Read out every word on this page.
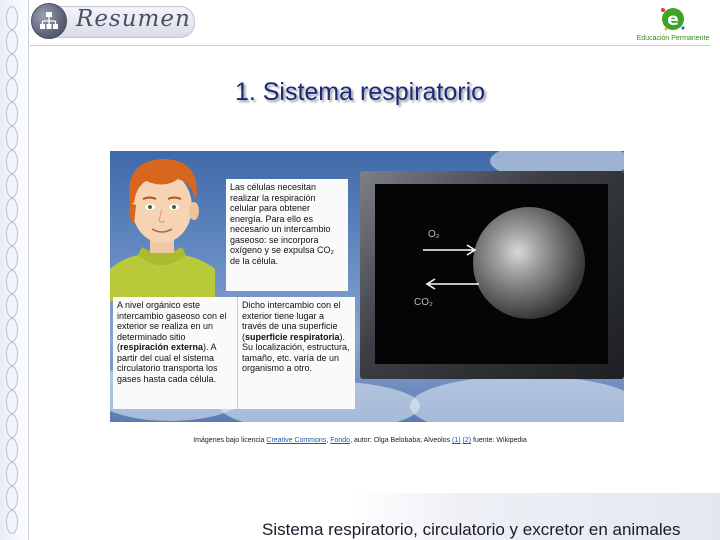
Resumen	e
Educación Permanente
1. Sistema respiratorio
Las células necesitan realizar la respiración celular para obtener energía. Para ello es necesario un intercambio gaseoso: se incorpora oxígeno y se expulsa CO₂ de la célula.
A nivel orgánico este intercambio gaseoso con el exterior se realiza en un determinado sitio (respiración externa). A partir del cual el sistema circulatorio transporta los gases hasta cada célula.
Dicho intercambio con el exterior tiene lugar a través de una superficie (superficie respiratoria). Su localización, estructura, tamaño, etc. varía de un organismo a otro.
O₂
CO₂
Imágenes bajo licencia Creative Commons, Fondo, autor: Olga Belobaba; Alveolos (1) (2) fuente: Wikipedia
Sistema respiratorio, circulatorio y excretor en animales
